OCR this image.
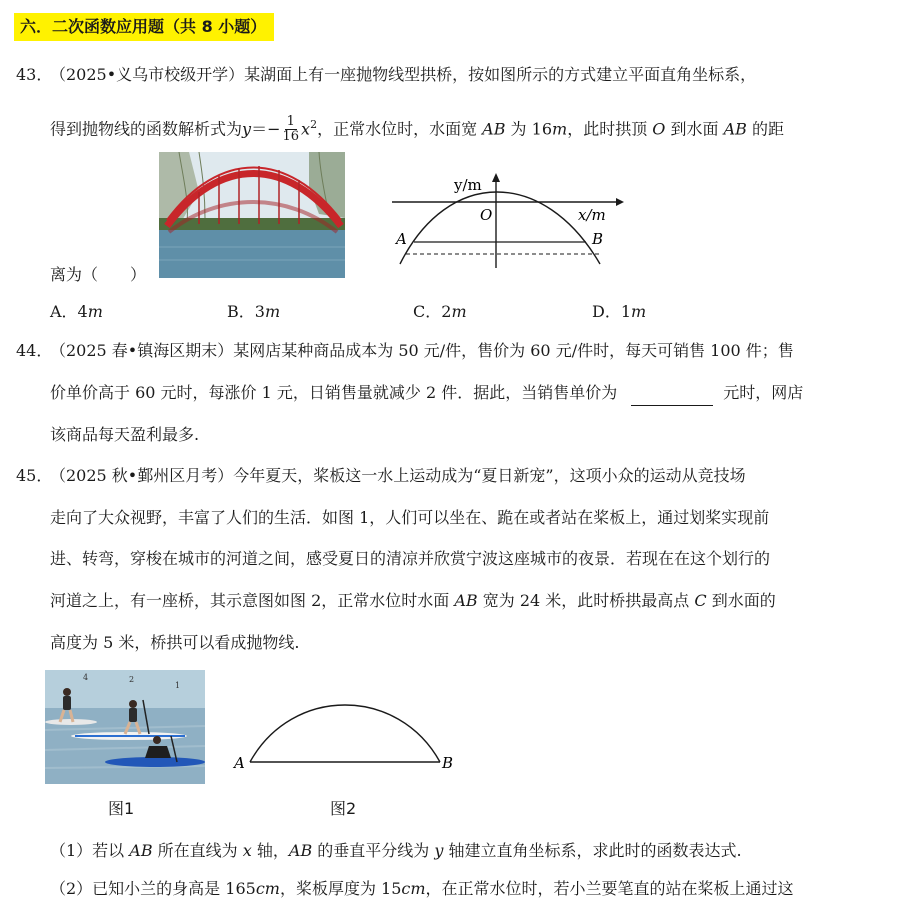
六．二次函数应用题（共 8 小题）
43．（2025•义乌市校级开学）某湖面上有一座抛物线型拱桥，按如图所示的方式建立平面直角坐标系，
得到抛物线的函数解析式为$y=- \frac{1}{16} x^2$，正常水位时，水面宽 AB 为 16m，此时拱顶 O 到水面 AB 的距
y/m
x/m
O
A	B
离为（　　）
A．4m	B．3m	C．2m	D．1m
44．（2025 春•镇海区期末）某网店某种商品成本为 50 元/件，售价为 60 元/件时，每天可销售 100 件；售
价单价高于 60 元时，每涨价 1 元，日销售量就减少 2 件．据此，当销售单价为	元时，网店
该商品每天盈利最多.
45．（2025 秋•鄞州区月考）今年夏天，桨板这一水上运动成为“夏日新宠”，这项小众的运动从竞技场
走向了大众视野，丰富了人们的生活．如图 1，人们可以坐在、跪在或者站在桨板上，通过划桨实现前
进、转弯，穿梭在城市的河道之间，感受夏日的清凉并欣赏宁波这座城市的夜景．若现在在这个划行的
河道之上，有一座桥，其示意图如图 2，正常水位时水面 AB 宽为 24 米，此时桥拱最高点 C 到水面的
高度为 5 米，桥拱可以看成抛物线.
4	2
1
A	B
图1	图2
（1）若以 AB 所在直线为 x 轴，AB 的垂直平分线为 y 轴建立直角坐标系，求此时的函数表达式.
（2）已知小兰的身高是 165cm，桨板厚度为 15cm，在正常水位时，若小兰要笔直的站在桨板上通过这
